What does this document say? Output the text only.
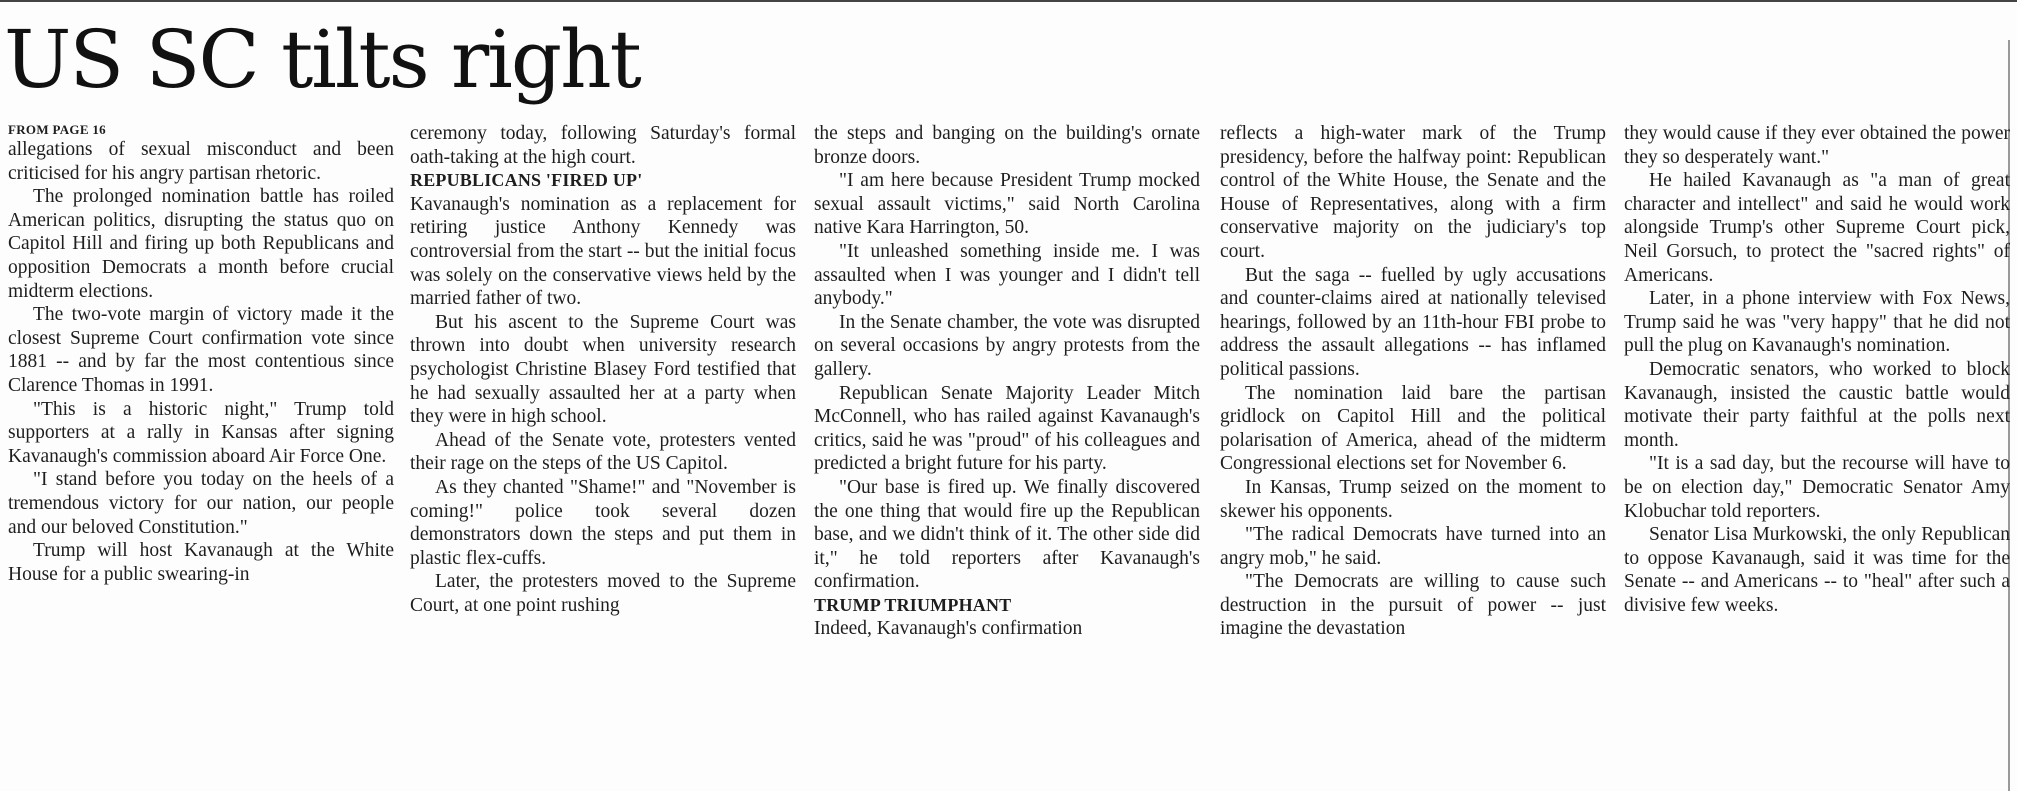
US SC tilts right
FROM PAGE 16

allegations of sexual misconduct and been criticised for his angry partisan rhetoric.

The prolonged nomination battle has roiled American politics, disrupting the status quo on Capitol Hill and firing up both Republicans and opposition Democrats a month before crucial midterm elections.

The two-vote margin of victory made it the closest Supreme Court confirmation vote since 1881 -- and by far the most contentious since Clarence Thomas in 1991.

"This is a historic night," Trump told supporters at a rally in Kansas after signing Kavanaugh's commission aboard Air Force One.

"I stand before you today on the heels of a tremendous victory for our nation, our people and our beloved Constitution."

Trump will host Kavanaugh at the White House for a public swearing-in

ceremony today, following Saturday's formal oath-taking at the high court.

REPUBLICANS 'FIRED UP'

Kavanaugh's nomination as a replacement for retiring justice Anthony Kennedy was controversial from the start -- but the initial focus was solely on the conservative views held by the married father of two.

But his ascent to the Supreme Court was thrown into doubt when university research psychologist Christine Blasey Ford testified that he had sexually assaulted her at a party when they were in high school.

Ahead of the Senate vote, protesters vented their rage on the steps of the US Capitol.

As they chanted "Shame!" and "November is coming!" police took several dozen demonstrators down the steps and put them in plastic flex-cuffs.

Later, the protesters moved to the Supreme Court, at one point rushing

the steps and banging on the building's ornate bronze doors.

"I am here because President Trump mocked sexual assault victims," said North Carolina native Kara Harrington, 50.

"It unleashed something inside me. I was assaulted when I was younger and I didn't tell anybody."

In the Senate chamber, the vote was disrupted on several occasions by angry protests from the gallery.

Republican Senate Majority Leader Mitch McConnell, who has railed against Kavanaugh's critics, said he was "proud" of his colleagues and predicted a bright future for his party.

"Our base is fired up. We finally discovered the one thing that would fire up the Republican base, and we didn't think of it. The other side did it," he told reporters after Kavanaugh's confirmation.

TRUMP TRIUMPHANT

Indeed, Kavanaugh's confirmation

reflects a high-water mark of the Trump presidency, before the halfway point: Republican control of the White House, the Senate and the House of Representatives, along with a firm conservative majority on the judiciary's top court.

But the saga -- fuelled by ugly accusations and counter-claims aired at nationally televised hearings, followed by an 11th-hour FBI probe to address the assault allegations -- has inflamed political passions.

The nomination laid bare the partisan gridlock on Capitol Hill and the political polarisation of America, ahead of the midterm Congressional elections set for November 6.

In Kansas, Trump seized on the moment to skewer his opponents.

"The radical Democrats have turned into an angry mob," he said.

"The Democrats are willing to cause such destruction in the pursuit of power -- just imagine the devastation

they would cause if they ever obtained the power they so desperately want."

He hailed Kavanaugh as "a man of great character and intellect" and said he would work alongside Trump's other Supreme Court pick, Neil Gorsuch, to protect the "sacred rights" of Americans.

Later, in a phone interview with Fox News, Trump said he was "very happy" that he did not pull the plug on Kavanaugh's nomination.

Democratic senators, who worked to block Kavanaugh, insisted the caustic battle would motivate their party faithful at the polls next month.

"It is a sad day, but the recourse will have to be on election day," Democratic Senator Amy Klobuchar told reporters.

Senator Lisa Murkowski, the only Republican to oppose Kavanaugh, said it was time for the Senate -- and Americans -- to "heal" after such a divisive few weeks.
